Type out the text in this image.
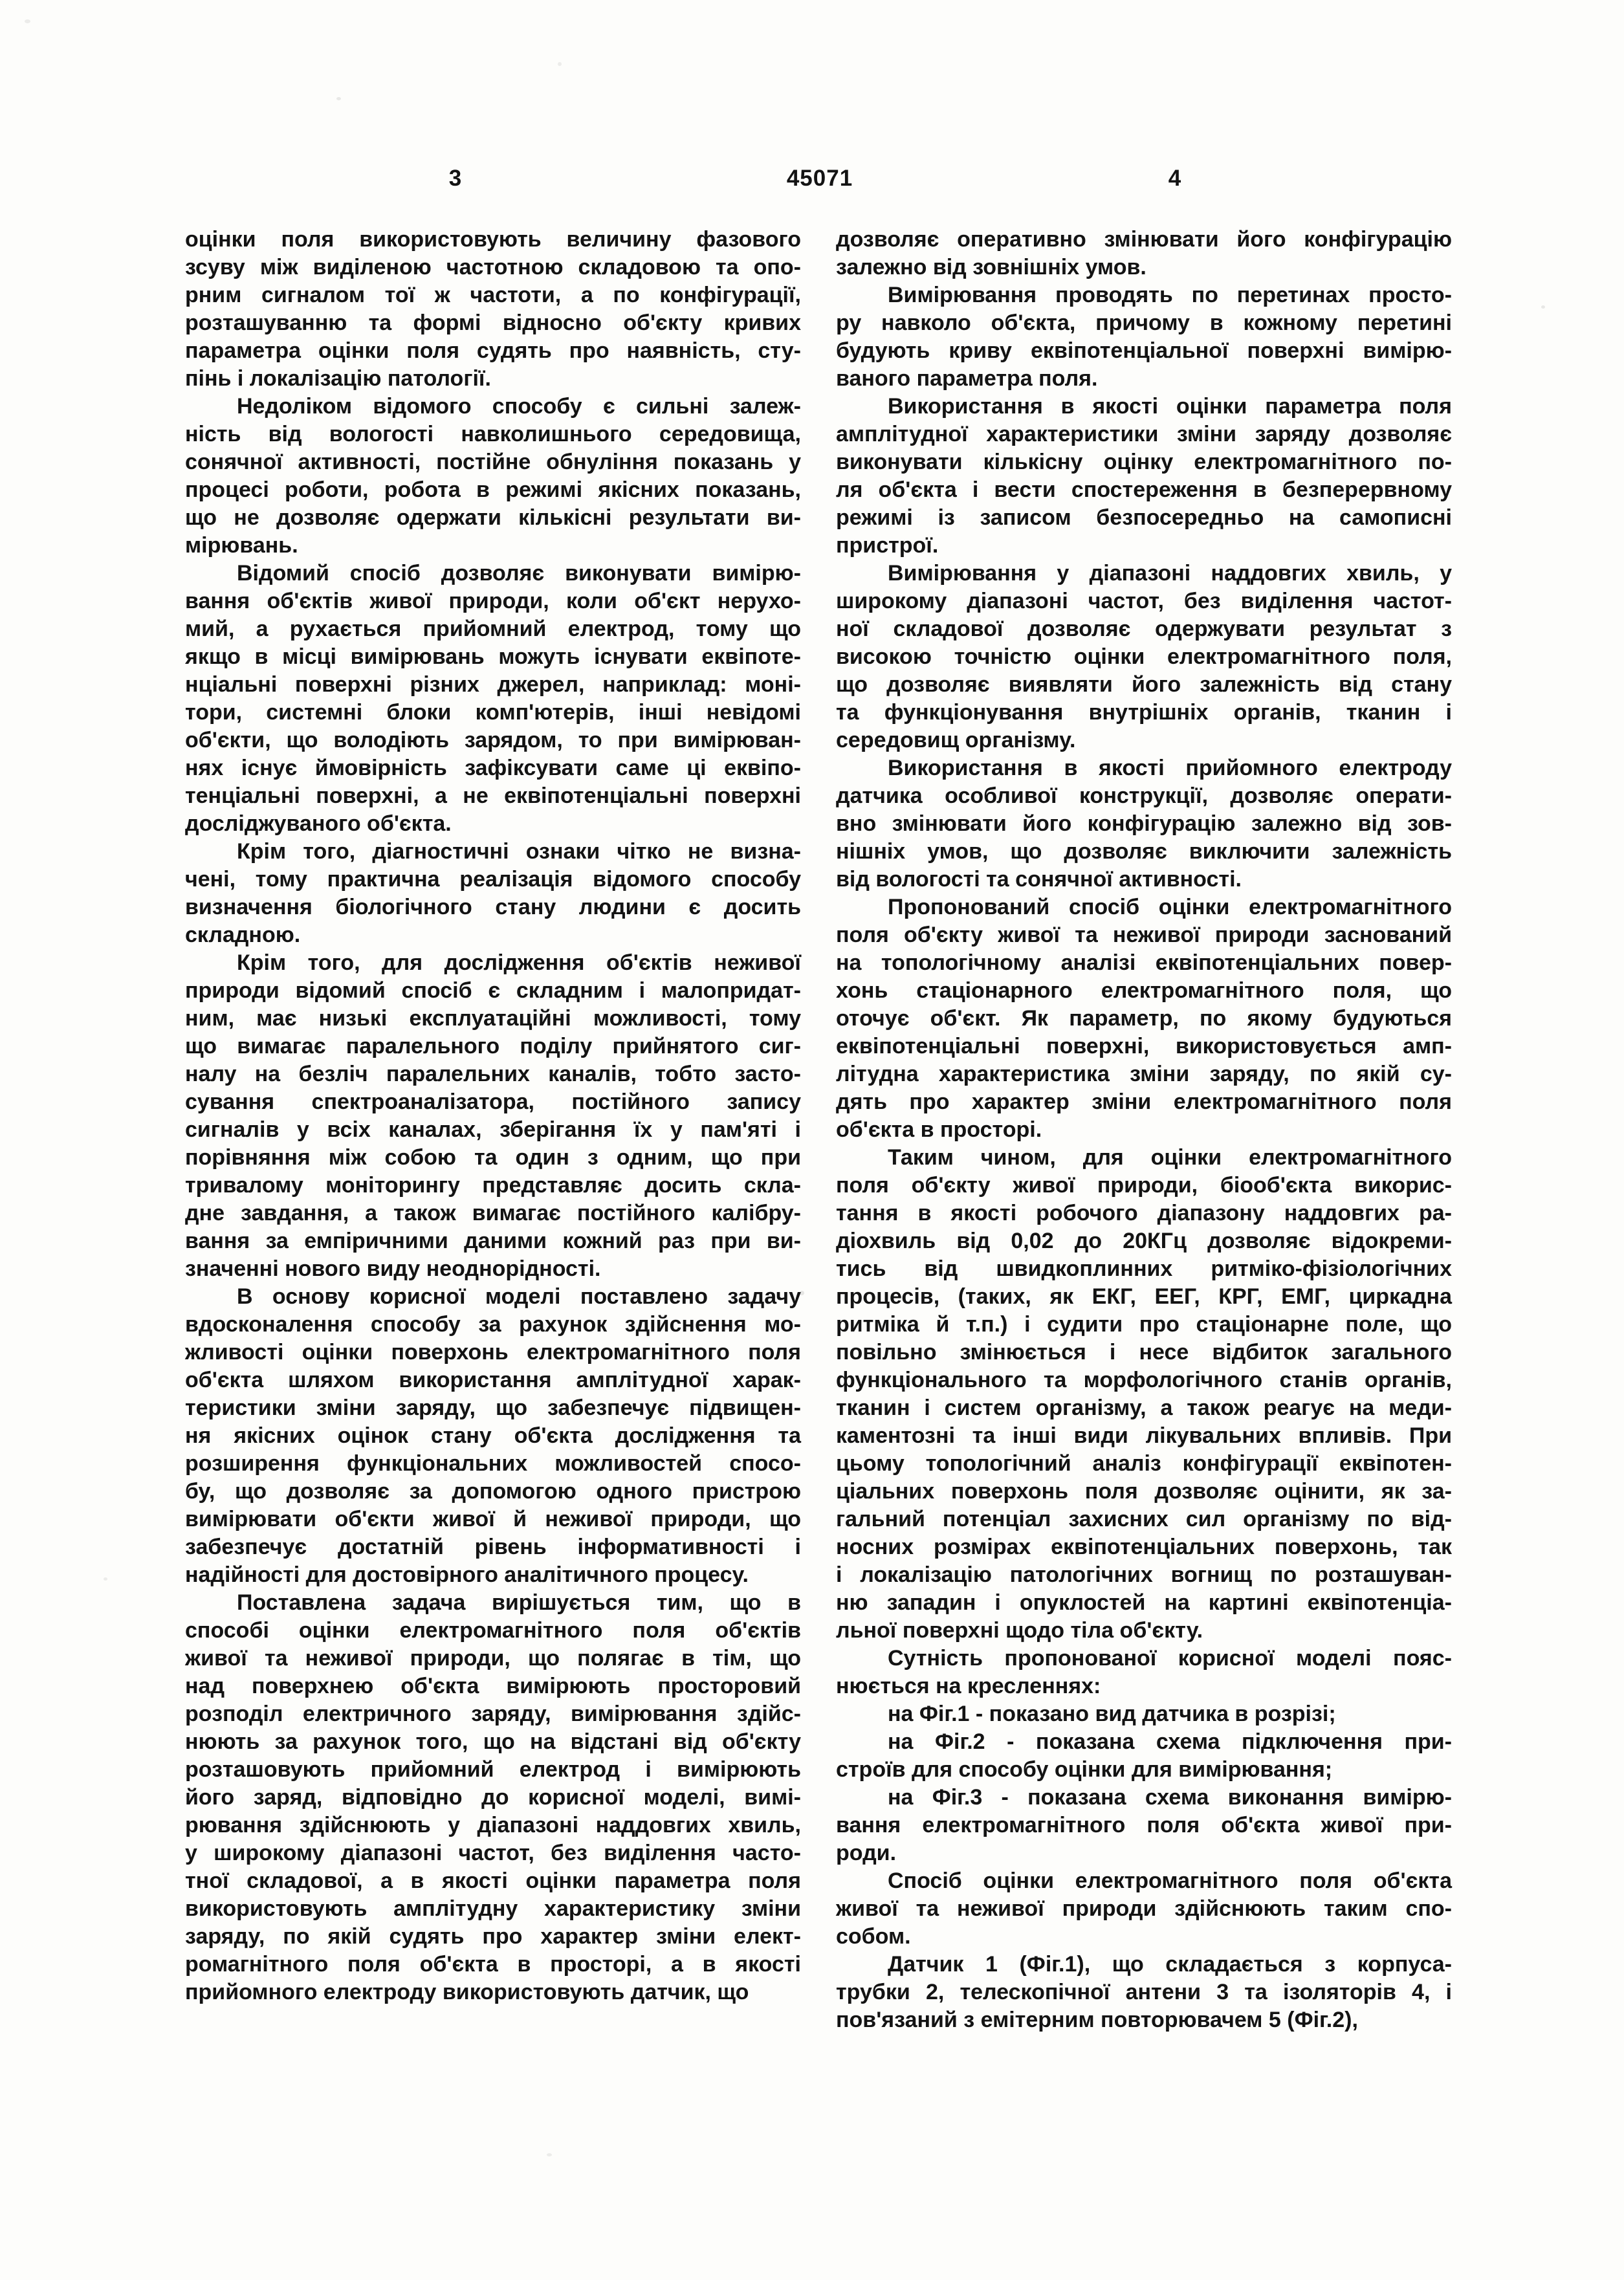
3	45071	4
оцінки поля використовують величину фазового
зсуву між виділеною частотною складовою та опо-
рним сигналом тої ж частоти, а по конфігурації,
розташуванню та формі відносно об'єкту кривих
параметра оцінки поля судять про наявність, сту-
пінь і локалізацію патології.
Недоліком відомого способу є сильні залеж-
ність від вологості навколишнього середовища,
сонячної активності, постійне обнуління показань у
процесі роботи, робота в режимі якісних показань,
що не дозволяє одержати кількісні результати ви-
мірювань.
Відомий спосіб дозволяє виконувати вимірю-
вання об'єктів живої природи, коли об'єкт нерухо-
мий, а рухається прийомний електрод, тому що
якщо в місці вимірювань можуть існувати еквіпоте-
нціальні поверхні різних джерел, наприклад: моні-
тори, системні блоки комп'ютерів, інші невідомі
об'єкти, що володіють зарядом, то при вимірюван-
нях існує ймовірність зафіксувати саме ці еквіпо-
тенціальні поверхні, а не еквіпотенціальні поверхні
досліджуваного об'єкта.
Крім того, діагностичні ознаки чітко не визна-
чені, тому практична реалізація відомого способу
визначення біологічного стану людини є досить
складною.
Крім того, для дослідження об'єктів неживої
природи відомий спосіб є складним і малопридат-
ним, має низькі експлуатаційні можливості, тому
що вимагає паралельного поділу прийнятого сиг-
налу на безліч паралельних каналів, тобто засто-
сування спектроаналізатора, постійного запису
сигналів у всіх каналах, зберігання їх у пам'яті і
порівняння між собою та один з одним, що при
тривалому моніторингу представляє досить скла-
дне завдання, а також вимагає постійного калібру-
вання за емпіричними даними кожний раз при ви-
значенні нового виду неоднорідності.
В основу корисної моделі поставлено задачу
вдосконалення способу за рахунок здійснення мо-
жливості оцінки поверхонь електромагнітного поля
об'єкта шляхом використання амплітудної харак-
теристики зміни заряду, що забезпечує підвищен-
ня якісних оцінок стану об'єкта дослідження та
розширення функціональних можливостей спосо-
бу, що дозволяє за допомогою одного пристрою
вимірювати об'єкти живої й неживої природи, що
забезпечує достатній рівень інформативності і
надійності для достовірного аналітичного процесу.
Поставлена задача вирішується тим, що в
способі оцінки електромагнітного поля об'єктів
живої та неживої природи, що полягає в тім, що
над поверхнею об'єкта вимірюють просторовий
розподіл електричного заряду, вимірювання здійс-
нюють за рахунок того, що на відстані від об'єкту
розташовують прийомний електрод і вимірюють
його заряд, відповідно до корисної моделі, вимі-
рювання здійснюють у діапазоні наддовгих хвиль,
у широкому діапазоні частот, без виділення часто-
тної складової, а в якості оцінки параметра поля
використовують амплітудну характеристику зміни
заряду, по якій судять про характер зміни елект-
ромагнітного поля об'єкта в просторі, а в якості
прийомного електроду використовують датчик, що
дозволяє оперативно змінювати його конфігурацію
залежно від зовнішніх умов.
Вимірювання проводять по перетинах просто-
ру навколо об'єкта, причому в кожному перетині
будують криву еквіпотенціальної поверхні вимірю-
ваного параметра поля.
Використання в якості оцінки параметра поля
амплітудної характеристики зміни заряду дозволяє
виконувати кількісну оцінку електромагнітного по-
ля об'єкта і вести спостереження в безперервному
режимі із записом безпосередньо на самописні
пристрої.
Вимірювання у діапазоні наддовгих хвиль, у
широкому діапазоні частот, без виділення частот-
ної складової дозволяє одержувати результат з
високою точністю оцінки електромагнітного поля,
що дозволяє виявляти його залежність від стану
та функціонування внутрішніх органів, тканин і
середовищ організму.
Використання в якості прийомного електроду
датчика особливої конструкції, дозволяє операти-
вно змінювати його конфігурацію залежно від зов-
нішніх умов, що дозволяє виключити залежність
від вологості та сонячної активності.
Пропонований спосіб оцінки електромагнітного
поля об'єкту живої та неживої природи заснований
на топологічному аналізі еквіпотенціальних повер-
хонь стаціонарного електромагнітного поля, що
оточує об'єкт. Як параметр, по якому будуються
еквіпотенціальні поверхні, використовується амп-
літудна характеристика зміни заряду, по якій су-
дять про характер зміни електромагнітного поля
об'єкта в просторі.
Таким чином, для оцінки електромагнітного
поля об'єкту живої природи, біооб'єкта викорис-
тання в якості робочого діапазону наддовгих ра-
діохвиль від 0,02 до 20КГц дозволяє відокреми-
тись від швидкоплинних ритміко-фізіологічних
процесів, (таких, як ЕКГ, ЕЕГ, КРГ, ЕМГ, циркадна
ритміка й т.п.) і судити про стаціонарне поле, що
повільно змінюється і несе відбиток загального
функціонального та морфологічного станів органів,
тканин і систем організму, а також реагує на меди-
каментозні та інші види лікувальних впливів. При
цьому топологічний аналіз конфігурації еквіпотен-
ціальних поверхонь поля дозволяє оцінити, як за-
гальний потенціал захисних сил організму по від-
носних розмірах еквіпотенціальних поверхонь, так
і локалізацію патологічних вогнищ по розташуван-
ню западин і опуклостей на картині еквіпотенціа-
льної поверхні щодо тіла об'єкту.
Сутність пропонованої корисної моделі пояс-
нюється на кресленнях:
на Фіг.1 - показано вид датчика в розрізі;
на Фіг.2 - показана схема підключення при-
строїв для способу оцінки для вимірювання;
на Фіг.3 - показана схема виконання вимірю-
вання електромагнітного поля об'єкта живої при-
роди.
Спосіб оцінки електромагнітного поля об'єкта
живої та неживої природи здійснюють таким спо-
собом.
Датчик 1 (Фіг.1), що складається з корпуса-
трубки 2, телескопічної антени 3 та ізоляторів 4, і
пов'язаний з емітерним повторювачем 5 (Фіг.2),
